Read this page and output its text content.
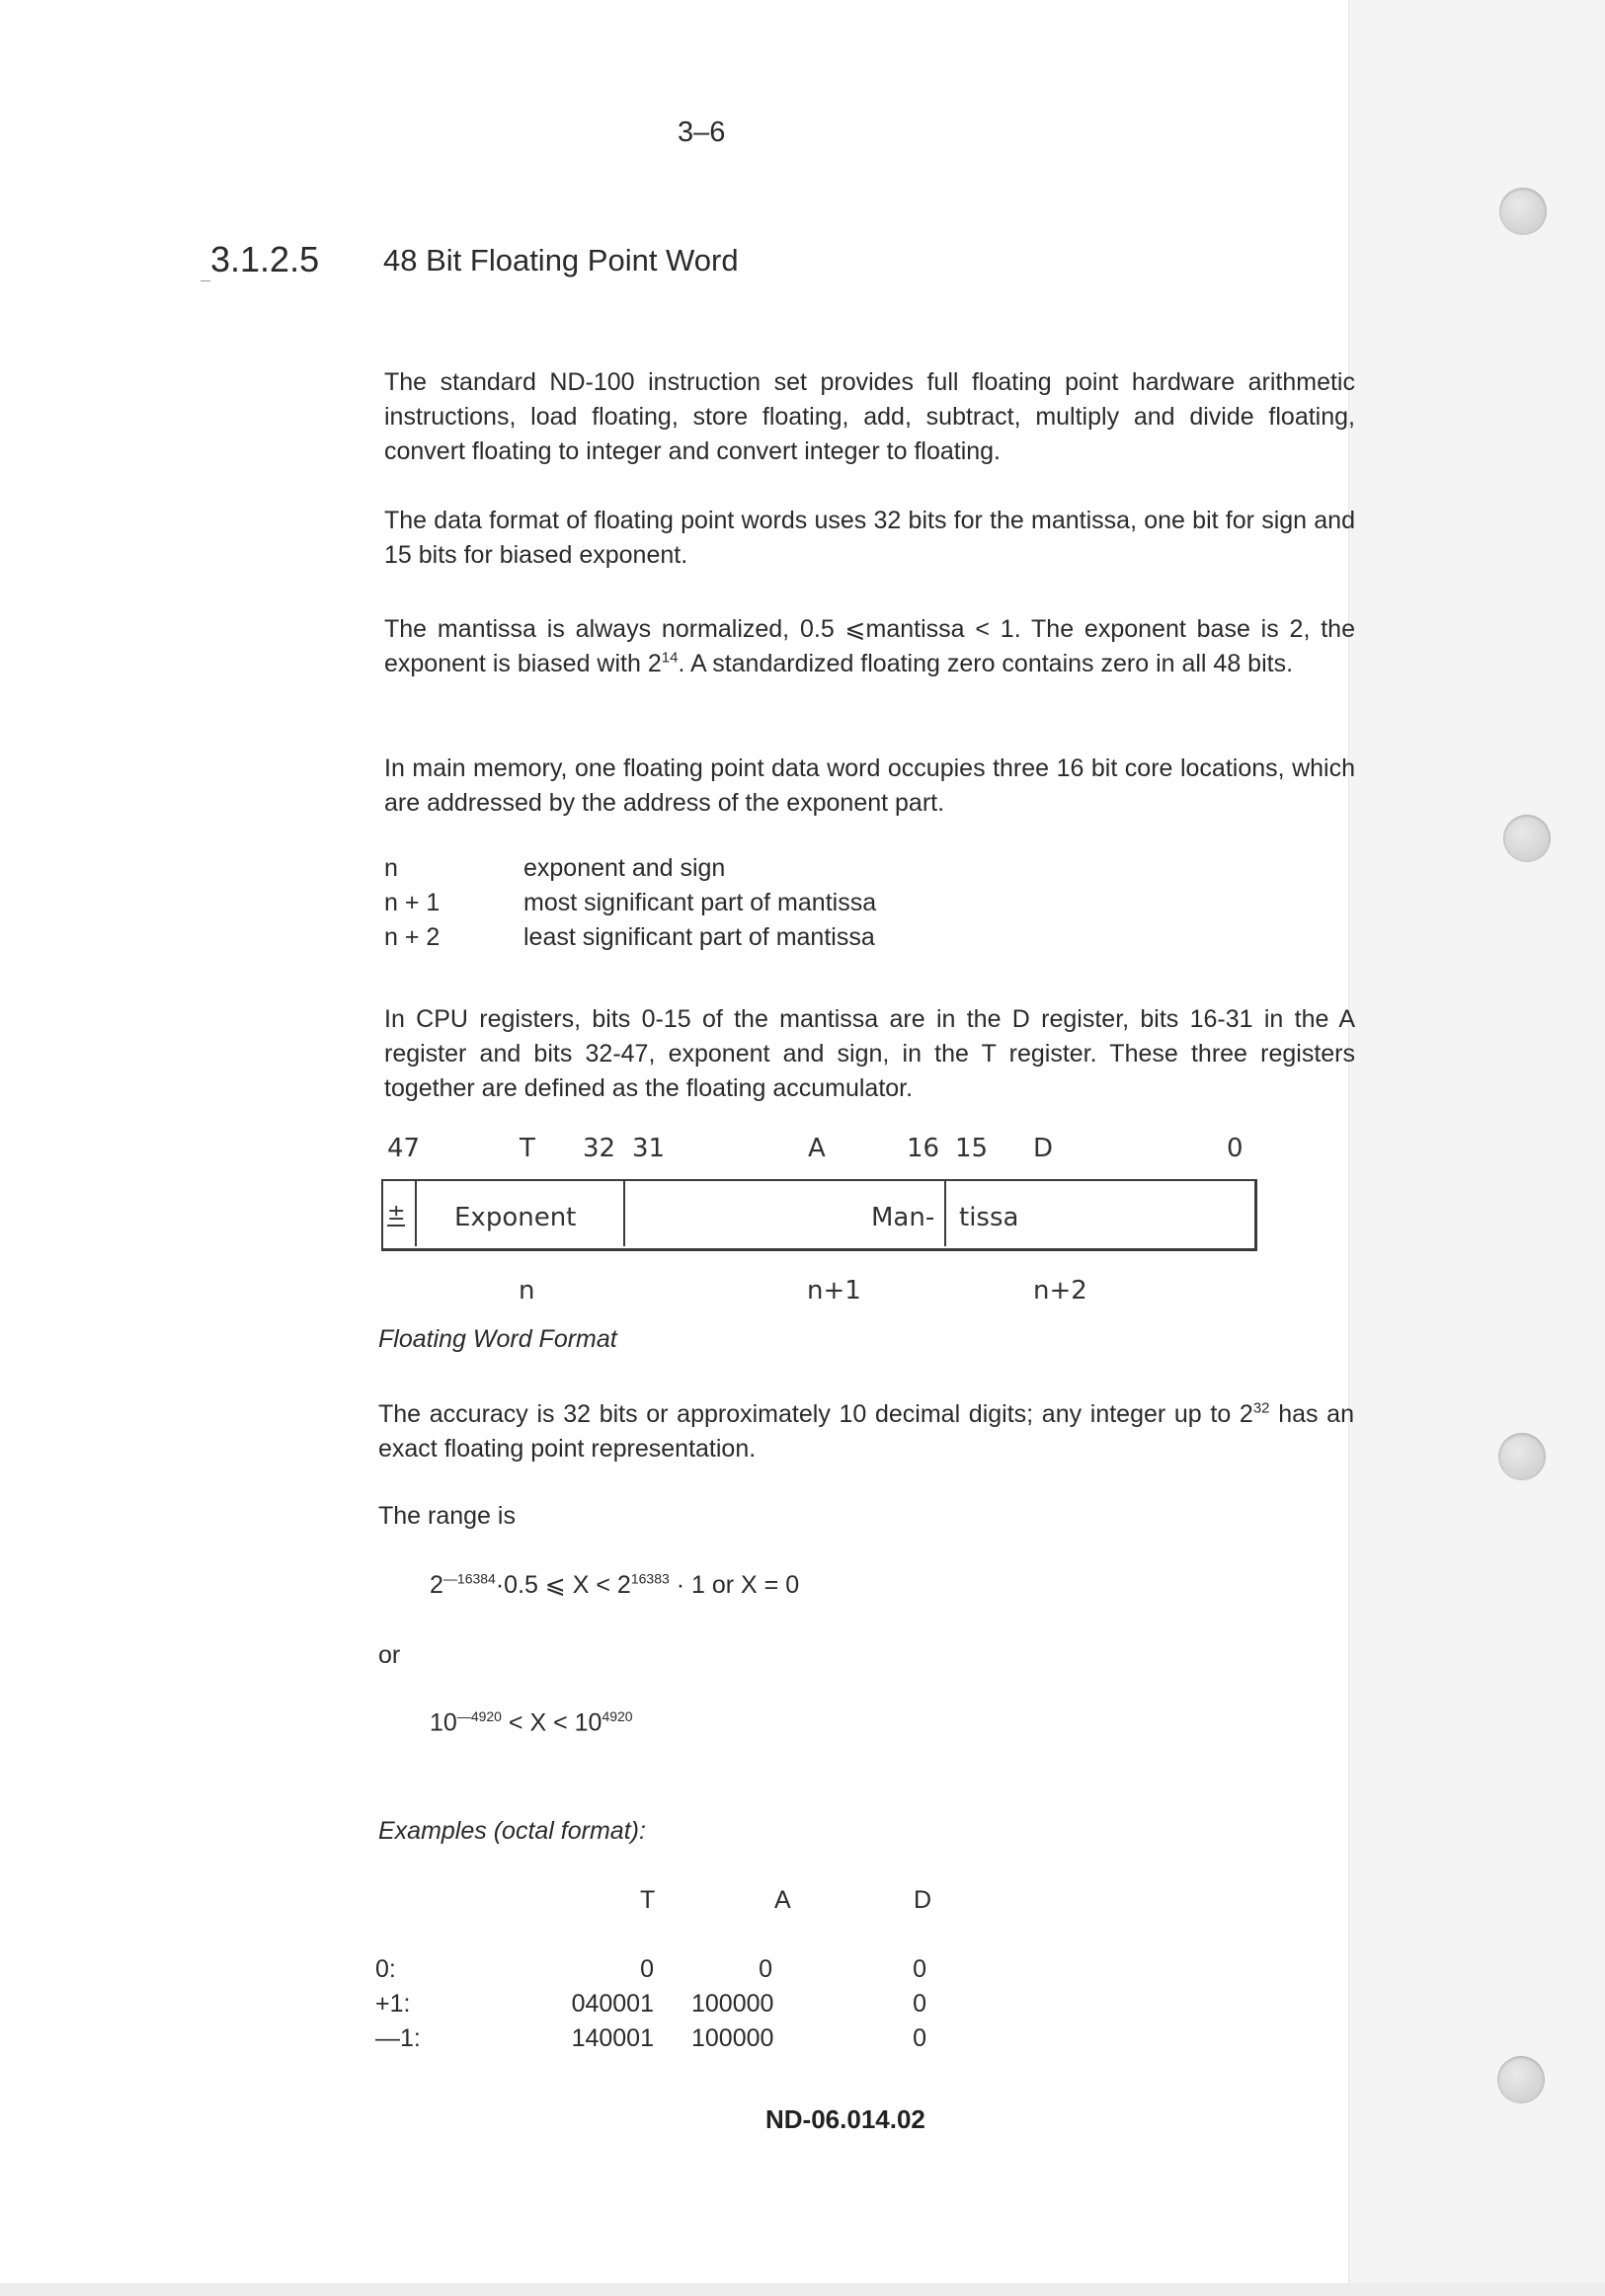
3–6
3.1.2.5 48 Bit Floating Point Word
The standard ND-100 instruction set provides full floating point hardware arithmetic instructions, load floating, store floating, add, subtract, multiply and divide floating, convert floating to integer and convert integer to floating.
The data format of floating point words uses 32 bits for the mantissa, one bit for sign and 15 bits for biased exponent.
The mantissa is always normalized, 0.5 ⩽mantissa < 1. The exponent base is 2, the exponent is biased with $2^{14}$. A standardized floating zero contains zero in all 48 bits.
In main memory, one floating point data word occupies three 16 bit core locations, which are addressed by the address of the exponent part.
n	exponent and sign
n + 1	most significant part of mantissa
n + 2	least significant part of mantissa
In CPU registers, bits 0-15 of the mantissa are in the D register, bits 16-31 in the A register and bits 32-47, exponent and sign, in the T register. These three registers together are defined as the floating accumulator.
47	T 32 31	A	16 15 D	0
± Exponent	Man- tissa
n	n+1	n+2
Floating Word Format
The accuracy is 32 bits or approximately 10 decimal digits; any integer up to $2^{32}$ has an exact floating point representation.
The range is
$2^{—16384}\cdot 0.5$ ⩽ $X < 2^{16383} \cdot 1$ or X = 0
or
$10^{—4920} < X < 10^{4920}$
Examples (octal format):
T	A	D
0:	0	0	0
+1:	040001 100000	0
—1:	140001 100000	0
ND-06.014.02
